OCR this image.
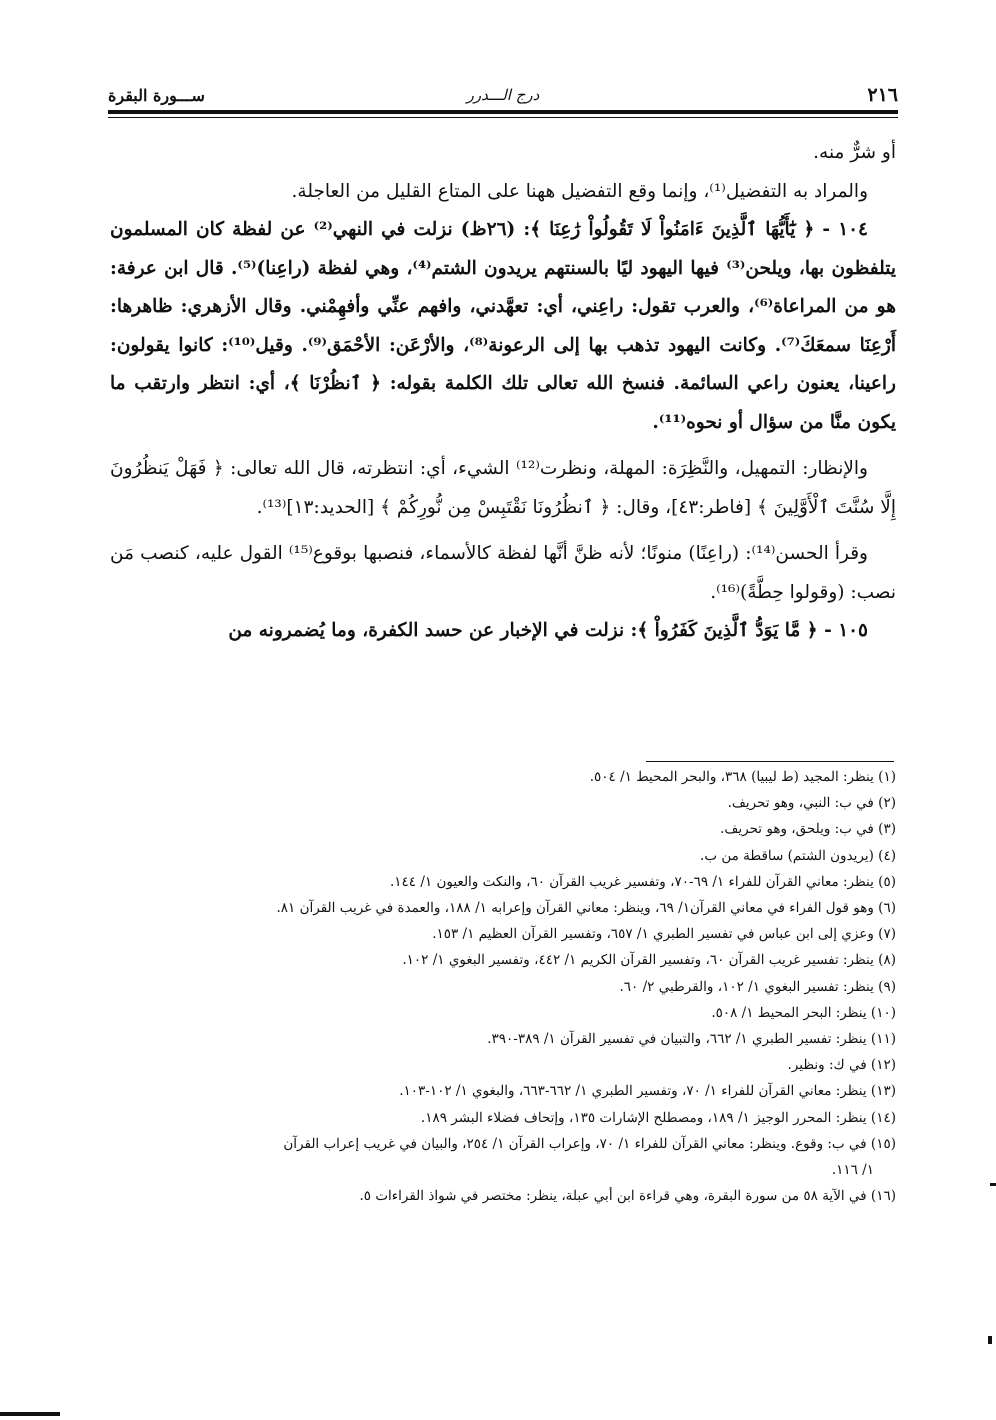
٢١٦
درج الـــدرر
ســـورة البقرة

أو شرٌّ منه.

والمراد به التفضيل⁽¹⁾، وإنما وقع التفضيل ههنا على المتاع القليل من العاجلة.

١٠٤ - ﴿ يَٰٓأَيُّهَا ٱلَّذِينَ ءَامَنُواْ لَا تَقُولُواْ رَٰعِنَا ﴾: (٢٦ظ) نزلت في النهي⁽²⁾ عن لفظة كان المسلمون يتلفظون بها، ويلحن⁽³⁾ فيها اليهود ليًا بالسنتهم يريدون الشتم⁽⁴⁾، وهي لفظة (راعِنا)⁽⁵⁾. قال ابن عرفة: هو من المراعاة⁽⁶⁾، والعرب تقول: راعِني، أي: تعهَّدني، وافهم عنِّي وأفهِمْني. وقال الأزهري: ظاهرها: أَرْعِنَا سمعَكَ⁽⁷⁾. وكانت اليهود تذهب بها إلى الرعونة⁽⁸⁾، والأرْعَن: الأحْمَق⁽⁹⁾. وقيل⁽¹⁰⁾: كانوا يقولون: راعينا، يعنون راعي السائمة. فنسخ الله تعالى تلك الكلمة بقوله: ﴿ ٱنظُرْنَا ﴾، أي: انتظر وارتقب ما يكون منَّا من سؤال أو نحوه⁽¹¹⁾.

والإنظار: التمهيل، والنَّظِرَة: المهلة، ونظرت⁽¹²⁾ الشيء، أي: انتظرته، قال الله تعالى: ﴿ فَهَلْ يَنظُرُونَ إِلَّا سُنَّتَ ٱلْأَوَّلِينَ ﴾ [فاطر:٤٣]، وقال: ﴿ ٱنظُرُونَا نَقْتَبِسْ مِن نُّورِكُمْ ﴾ [الحديد:١٣]⁽¹³⁾.

وقرأ الحسن⁽¹⁴⁾: (راعِنًا) منونًا؛ لأنه ظنَّ أنَّها لفظة كالأسماء، فنصبها بوقوع⁽¹⁵⁾ القول عليه، كنصب مَن نصب: (وقولوا حِطَّةً)⁽¹⁶⁾.

١٠٥ - ﴿ مَّا يَوَدُّ ٱلَّذِينَ كَفَرُواْ ﴾: نزلت في الإخبار عن حسد الكفرة، وما يُضمرونه من

(١) ينظر: المجيد (ط ليبيا) ٣٦٨، والبحر المحيط ١/ ٥٠٤.

(٢) في ب: النبي، وهو تحريف.

(٣) في ب: ويلحق، وهو تحريف.

(٤) (يريدون الشتم) ساقطة من ب.

(٥) ينظر: معاني القرآن للفراء ١/ ٦٩-٧٠، وتفسير غريب القرآن ٦٠، والنكت والعيون ١/ ١٤٤.

(٦) وهو قول الفراء في معاني القرآن١/ ٦٩، وينظر: معاني القرآن وإعرابه ١/ ١٨٨، والعمدة في غريب القرآن ٨١.

(٧) وعزي إلى ابن عباس في تفسير الطبري ١/ ٦٥٧، وتفسير القرآن العظيم ١/ ١٥٣.

(٨) ينظر: تفسير غريب القرآن ٦٠، وتفسير القرآن الكريم ١/ ٤٤٢، وتفسير البغوي ١/ ١٠٢.

(٩) ينظر: تفسير البغوي ١/ ١٠٢، والقرطبي ٢/ ٦٠.

(١٠) ينظر: البحر المحيط ١/ ٥٠٨.

(١١) ينظر: تفسير الطبري ١/ ٦٦٢، والتبيان في تفسير القرآن ١/ ٣٨٩-٣٩٠.

(١٢) في ك: ونظير.

(١٣) ينظر: معاني القرآن للفراء ١/ ٧٠، وتفسير الطبري ١/ ٦٦٢-٦٦٣، والبغوي ١/ ١٠٢-١٠٣.

(١٤) ينظر: المحرر الوجيز ١/ ١٨٩، ومصطلح الإشارات ١٣٥، وإتحاف فضلاء البشر ١٨٩.

(١٥) في ب: وقوع. وينظر: معاني القرآن للفراء ١/ ٧٠، وإعراب القرآن ١/ ٢٥٤، والبيان في غريب إعراب القرآن

١/ ١١٦.

(١٦) في الآية ٥٨ من سورة البقرة، وهي قراءة ابن أبي عبلة، ينظر: مختصر في شواذ القراءات ٥.
